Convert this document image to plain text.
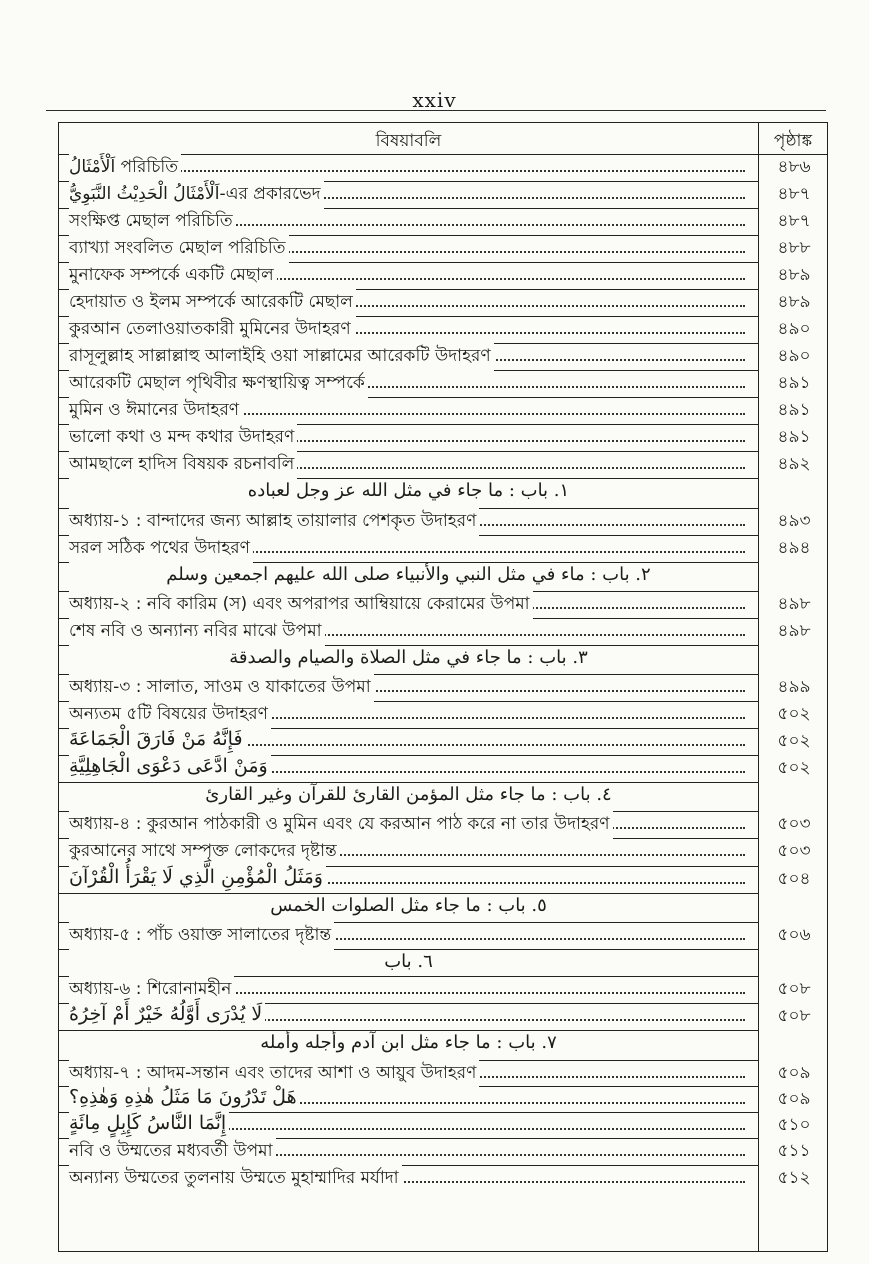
xxiv
বিষয়াবলি	পৃষ্ঠাঙ্ক
اَلْأَمْثَالُ পরিচিতি	৪৮৬
اَلْأَمْثَالُ الْحَدِيْثُ النَّبَوِيُّ-এর প্রকারভেদ	৪৮৭
সংক্ষিপ্ত মেছাল পরিচিতি	৪৮৭
ব্যাখ্যা সংবলিত মেছাল পরিচিতি	৪৮৮
মুনাফেক সম্পর্কে একটি মেছাল	৪৮৯
হেদায়াত ও ইলম সম্পর্কে আরেকটি মেছাল	৪৮৯
কুরআন তেলাওয়াতকারী মুমিনের উদাহরণ	৪৯০
রাসূলুল্লাহ সাল্লাল্লাহু আলাইহি ওয়া সাল্লামের আরেকটি উদাহরণ	৪৯০
আরেকটি মেছাল পৃথিবীর ক্ষণস্থায়িত্ব সম্পর্কে	৪৯১
মুমিন ও ঈমানের উদাহরণ	৪৯১
ভালো কথা ও মন্দ কথার উদাহরণ	৪৯১
আমছালে হাদিস বিষয়ক রচনাবলি	৪৯২
١. باب : ما جاء في مثل الله عز وجل لعباده
অধ্যায়-১ : বান্দাদের জন্য আল্লাহ তায়ালার পেশকৃত উদাহরণ	৪৯৩
সরল সঠিক পথের উদাহরণ	৪৯৪
٢. باب : ماء في مثل النبي والأنبياء صلى الله عليهم اجمعين وسلم
অধ্যায়-২ : নবি কারিম (স) এবং অপরাপর আম্বিয়ায়ে কেরামের উপমা	৪৯৮
শেষ নবি ও অন্যান্য নবির মাঝে উপমা	৪৯৮
٣. باب : ما جاء في مثل الصلاة والصيام والصدقة
অধ্যায়-৩ : সালাত, সাওম ও যাকাতের উপমা	৪৯৯
অন্যতম ৫টি বিষয়ের উদাহরণ	৫০২
فَإِنَّهُ مَنْ فَارَقَ الْجَمَاعَةَ	৫০২
وَمَنْ ادَّعَى دَعْوَى الْجَاهِلِيَّةِ	৫০২
٤. باب : ما جاء مثل المؤمن القارئ للقرآن وغير القارئ
অধ্যায়-৪ : কুরআন পাঠকারী ও মুমিন এবং যে করআন পাঠ করে না তার উদাহরণ	৫০৩
কুরআনের সাথে সম্পৃক্ত লোকদের দৃষ্টান্ত	৫০৩
وَمَثَلُ الْمُؤْمِنِ الَّذِي لَا يَقْرَأُ الْقُرْآنَ	৫০৪
٥. باب : ما جاء مثل الصلوات الخمس
অধ্যায়-৫ : পাঁচ ওয়াক্ত সালাতের দৃষ্টান্ত	৫০৬
٦. باب
অধ্যায়-৬ : শিরোনামহীন	৫০৮
لَا يُدْرَى أَوَّلُهُ خَيْرٌ أَمْ آخِرُهُ	৫০৮
٧. باب : ما جاء مثل ابن آدم وأجله وأمله
অধ্যায়-৭ : আদম-সন্তান এবং তাদের আশা ও আয়ুব উদাহরণ	৫০৯
هَلْ تَدْرُونَ مَا مَثَلُ هٰذِهِ وَهٰذِهِ؟	৫০৯
إِنَّمَا النَّاسُ كَإِبِلٍ مِائَةٍ	৫১০
নবি ও উম্মতের মধ্যবর্তী উপমা	৫১১
অন্যান্য উম্মতের তুলনায় উম্মতে মুহাম্মাদির মর্যাদা	৫১২
